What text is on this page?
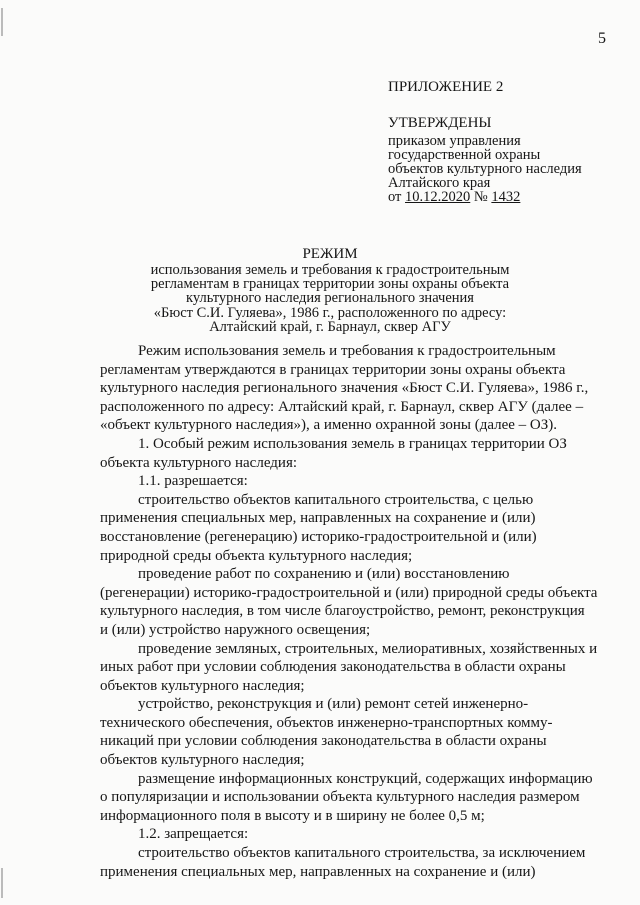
5
ПРИЛОЖЕНИЕ 2
УТВЕРЖДЕНЫ
приказом управления
государственной охраны
объектов культурного наследия
Алтайского края
от 10.12.2020 № 1432
РЕЖИМ
использования земель и требования к градостроительным
регламентам в границах территории зоны охраны объекта
культурного наследия регионального значения
«Бюст С.И. Гуляева», 1986 г., расположенного по адресу:
Алтайский край, г. Барнаул, сквер АГУ
Режим использования земель и требования к градостроительным
регламентам утверждаются в границах территории зоны охраны объекта
культурного наследия регионального значения «Бюст С.И. Гуляева», 1986 г.,
расположенного по адресу: Алтайский край, г. Барнаул, сквер АГУ (далее –
«объект культурного наследия»), а именно охранной зоны (далее – ОЗ).
1. Особый режим использования земель в границах территории ОЗ
объекта культурного наследия:
1.1. разрешается:
строительство объектов капитального строительства, с целью
применения специальных мер, направленных на сохранение и (или)
восстановление (регенерацию) историко-градостроительной и (или)
природной среды объекта культурного наследия;
проведение работ по сохранению и (или) восстановлению
(регенерации) историко-градостроительной и (или) природной среды объекта
культурного наследия, в том числе благоустройство, ремонт, реконструкция
и (или) устройство наружного освещения;
проведение земляных, строительных, мелиоративных, хозяйственных и
иных работ при условии соблюдения законодательства в области охраны
объектов культурного наследия;
устройство, реконструкция и (или) ремонт сетей инженерно-
технического обеспечения, объектов инженерно-транспортных комму-
никаций при условии соблюдения законодательства в области охраны
объектов культурного наследия;
размещение информационных конструкций, содержащих информацию
о популяризации и использовании объекта культурного наследия размером
информационного поля в высоту и в ширину не более 0,5 м;
1.2. запрещается:
строительство объектов капитального строительства, за исключением
применения специальных мер, направленных на сохранение и (или)
